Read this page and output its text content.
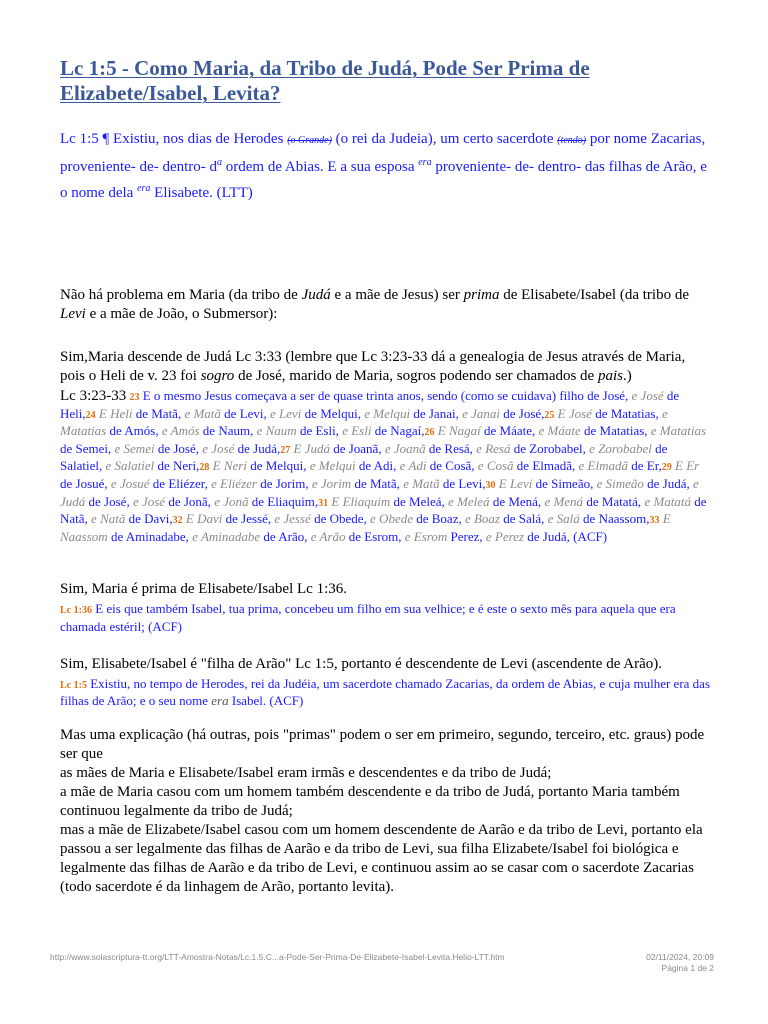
Lc 1:5 - Como Maria, da Tribo de Judá, Pode Ser Prima de Elizabete/Isabel, Levita?
Lc 1:5 ¶ Existiu, nos dias de Herodes (o Grande) (o rei da Judeia), um certo sacerdote (tendo) por nome Zacarias, proveniente- de- dentro- $d^a$ ordem de Abias. E a sua esposa $^{era}$ proveniente- de- dentro- das filhas de Arão, e o nome dela $^{era}$ Elisabete. (LTT)
Não há problema em Maria (da tribo de Judá e a mãe de Jesus) ser prima de Elisabete/Isabel (da tribo de Levi e a mãe de João, o Submersor):
Sim,Maria descende de Judá Lc 3:33 (lembre que Lc 3:23-33 dá a genealogia de Jesus através de Maria, pois o Heli de v. 23 foi sogro de José, marido de Maria, sogros podendo ser chamados de pais.)
Lc 3:23-33 23 E o mesmo Jesus começava a ser de quase trinta anos, sendo (como se cuidava) filho de José, e José de Heli,24 E Heli de Matã, e Matã de Levi, e Levi de Melqui, e Melqui de Janai, e Janai de José,25 E José de Matatias, e Matatias de Amós, e Amós de Naum, e Naum de Esli, e Esli de Nagaí,26 E Nagaí de Máate, e Máate de Matatias, e Matatias de Semei, e Semei de José, e José de Judá,27 E Judá de Joanã, e Joanã de Resá, e Resá de Zorobabel, e Zorobabel de Salatiel, e Salatiel de Neri,28 E Neri de Melqui, e Melqui de Adi, e Adi de Cosã, e Cosã de Elmadã, e Elmadã de Er,29 E Er de Josué, e Josué de Eliézer, e Eliézer de Jorim, e Jorim de Matã, e Matã de Levi,30 E Levi de Simeão, e Simeão de Judá, e Judá de José, e José de Jonã, e Jonã de Eliaquim,31 E Eliaquim de Meleá, e Meleá de Mená, e Mená de Matatá, e Matatá de Natã, e Natã de Davi,32 E Davi de Jessé, e Jessé de Obede, e Obede de Boaz, e Boaz de Salá, e Salá de Naassom,33 E Naassom de Aminadabe, e Aminadabe de Arão, e Arão de Esrom, e Esrom Perez, e Perez de Judá, (ACF)
Sim, Maria é prima de Elisabete/Isabel Lc 1:36.
Lc 1:36 E eis que também Isabel, tua prima, concebeu um filho em sua velhice; e é este o sexto mês para aquela que era chamada estéril; (ACF)
Sim, Elisabete/Isabel é "filha de Arão" Lc 1:5, portanto é descendente de Levi (ascendente de Arão).
Lc 1:5 Existiu, no tempo de Herodes, rei da Judéia, um sacerdote chamado Zacarias, da ordem de Abias, e cuja mulher era das filhas de Arão; e o seu nome era Isabel. (ACF)
Mas uma explicação (há outras, pois "primas" podem o ser em primeiro, segundo, terceiro, etc. graus) pode ser que
as mães de Maria e Elisabete/Isabel eram irmãs e descendentes e da tribo de Judá;
a mãe de Maria casou com um homem também descendente e da tribo de Judá, portanto Maria também continuou legalmente da tribo de Judá;
mas a mãe de Elizabete/Isabel casou com um homem descendente de Aarão e da tribo de Levi, portanto ela passou a ser legalmente das filhas de Aarão e da tribo de Levi, sua filha Elizabete/Isabel foi biológica e legalmente das filhas de Aarão e da tribo de Levi, e continuou assim ao se casar com o sacerdote Zacarias (todo sacerdote é da linhagem de Arão, portanto levita).
http://www.solascriptura-tt.org/LTT-Amostra-Notas/Lc.1.5.C...a-Pode-Ser-Prima-De-Elizabete-Isabel-Levita.Helio-LTT.htm	02/11/2024, 20:09
Página 1 de 2
